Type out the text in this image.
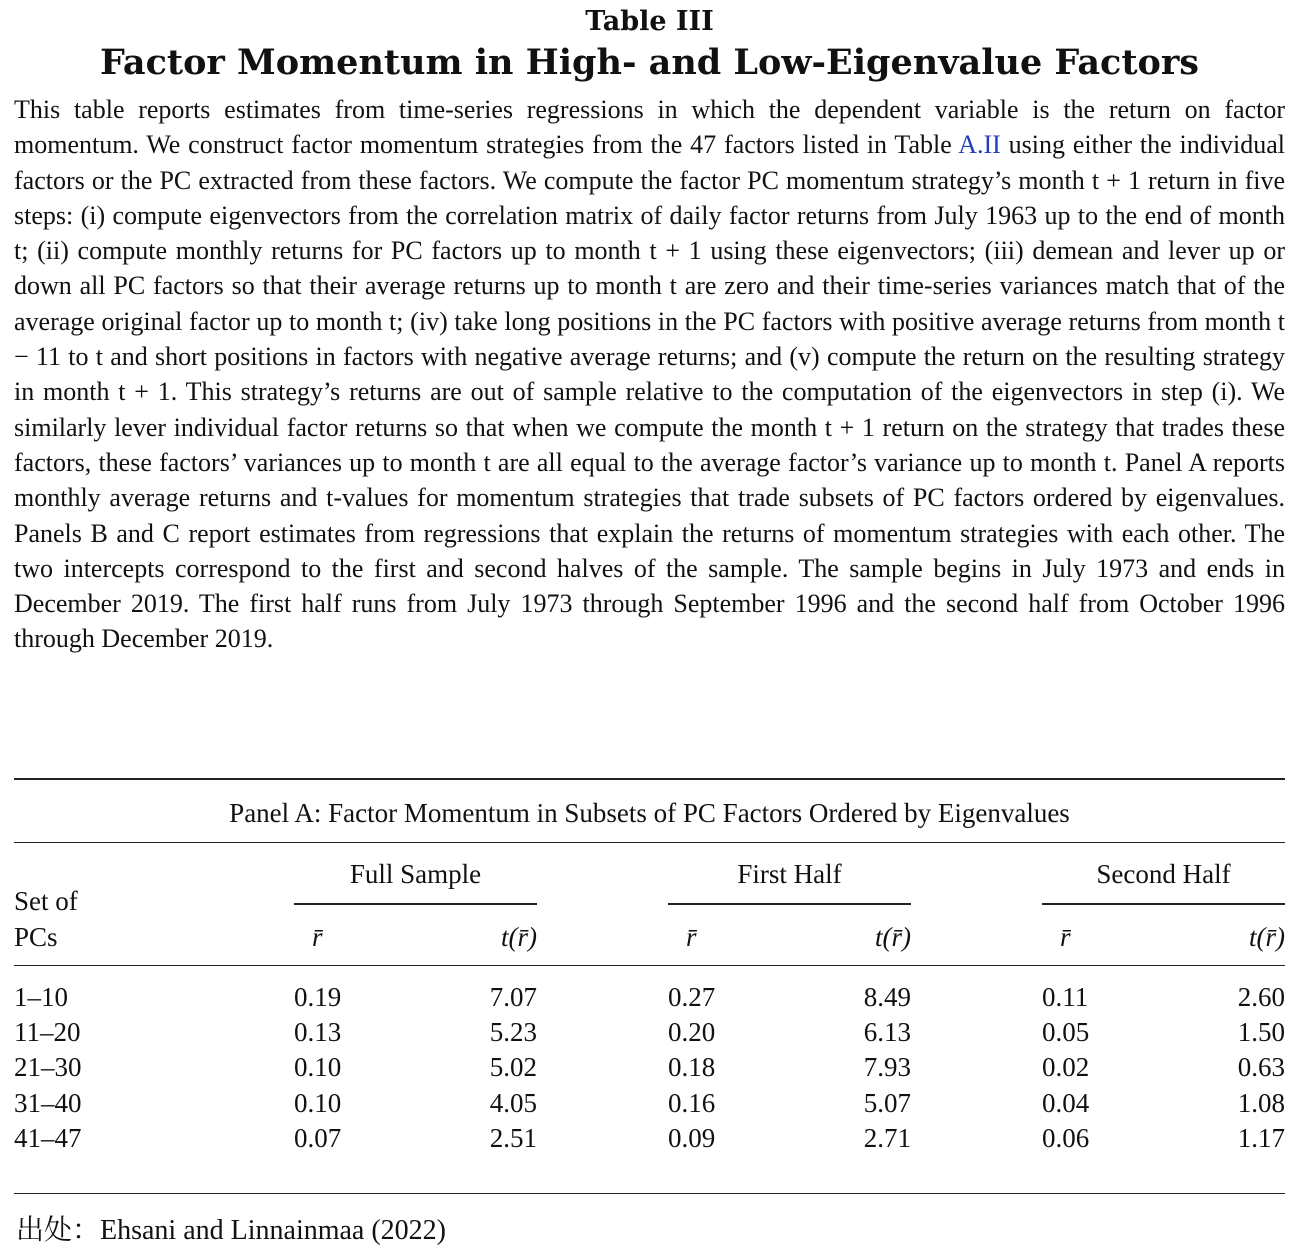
Table III
Factor Momentum in High- and Low-Eigenvalue Factors
This table reports estimates from time-series regressions in which the dependent variable is the return on factor momentum. We construct factor momentum strategies from the 47 factors listed in Table A.II using either the individual factors or the PC extracted from these factors. We compute the factor PC momentum strategy’s month t + 1 return in five steps: (i) compute eigenvectors from the correlation matrix of daily factor returns from July 1963 up to the end of month t; (ii) compute monthly returns for PC factors up to month t + 1 using these eigenvectors; (iii) demean and lever up or down all PC factors so that their average returns up to month t are zero and their time-series variances match that of the average original factor up to month t; (iv) take long positions in the PC factors with positive average returns from month t − 11 to t and short positions in factors with negative average returns; and (v) compute the return on the resulting strategy in month t + 1. This strategy’s returns are out of sample relative to the computation of the eigenvectors in step (i). We similarly lever individual factor returns so that when we compute the month t + 1 return on the strategy that trades these factors, these factors’ variances up to month t are all equal to the average factor’s variance up to month t. Panel A reports monthly average returns and t-values for momentum strategies that trade subsets of PC factors ordered by eigenvalues. Panels B and C report estimates from regressions that explain the returns of momentum strategies with each other. The two intercepts correspond to the first and second halves of the sample. The sample begins in July 1973 and ends in December 2019. The first half runs from July 1973 through September 1996 and the second half from October 1996 through December 2019.
Panel A: Factor Momentum in Subsets of PC Factors Ordered by Eigenvalues
Set of
PCs
Full Sample	First Half	Second Half
r̄	t(r̄)	r̄	t(r̄)	r̄	t(r̄)
1–10	0.19	7.07	0.27	8.49	0.11	2.60
11–20	0.13	5.23	0.20	6.13	0.05	1.50
21–30	0.10	5.02	0.18	7.93	0.02	0.63
31–40	0.10	4.05	0.16	5.07	0.04	1.08
41–47	0.07	2.51	0.09	2.71	0.06	1.17
出处：Ehsani and Linnainmaa (2022)
